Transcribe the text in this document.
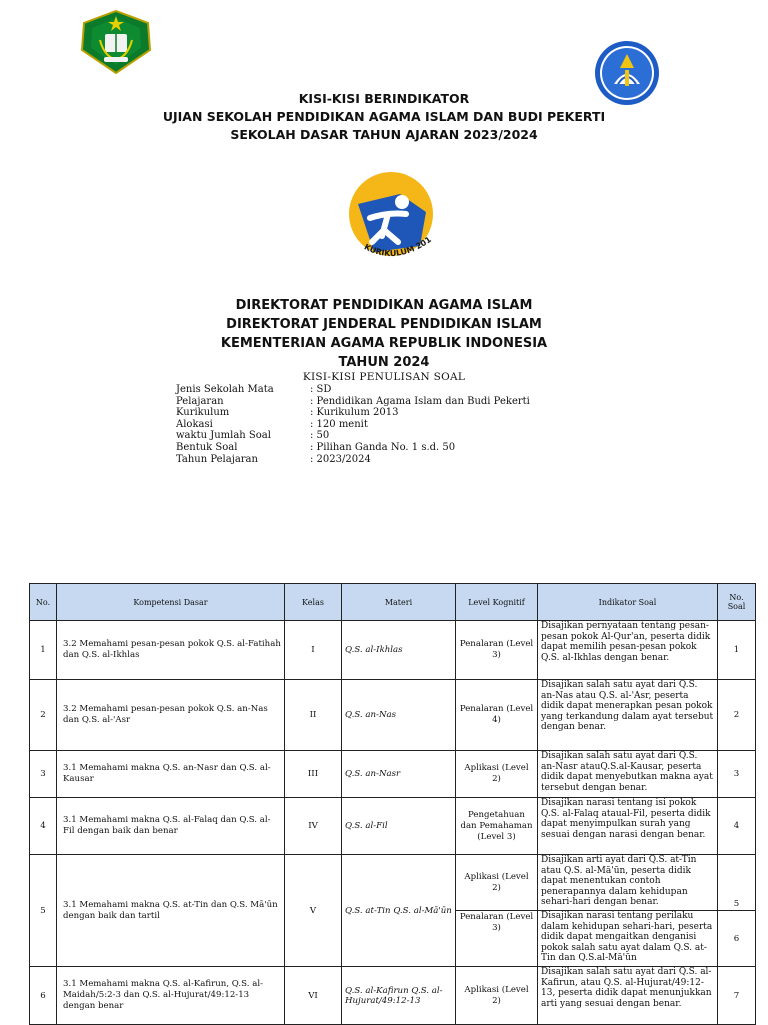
KISI-KISI BERINDIKATOR
UJIAN SEKOLAH PENDIDIKAN AGAMA ISLAM DAN BUDI PEKERTI
SEKOLAH DASAR TAHUN AJARAN 2023/2024
KURIKULUM 201
DIREKTORAT PENDIDIKAN AGAMA ISLAM
DIREKTORAT JENDERAL PENDIDIKAN ISLAM
KEMENTERIAN AGAMA REPUBLIK INDONESIA
TAHUN 2024
KISI-KISI PENULISAN SOAL
Jenis Sekolah Mata	: SD
Pelajaran	: Pendidikan Agama Islam dan Budi Pekerti
Kurikulum	: Kurikulum 2013
Alokasi	: 120 menit
waktu Jumlah Soal	: 50
Bentuk Soal	: Pilihan Ganda No. 1 s.d. 50
Tahun Pelajaran	: 2023/2024
No.	Kompetensi Dasar	Kelas	Materi	Level Kognitif	Indikator Soal	No. Soal
1	3.2 Memahami pesan-pesan pokok Q.S. al-Fatihah dan Q.S. al-Ikhlas	I	Q.S. al-Ikhlas	Penalaran (Level 3)	Disajikan pernyataan tentang pesan-pesan pokok Al-Qur'an, peserta didik dapat memilih pesan-pesan pokok Q.S. al-Ikhlas dengan benar.	1
2	3.2 Memahami pesan-pesan pokok Q.S. an-Nas dan Q.S. al-'Asr	II	Q.S. an-Nas	Penalaran (Level 4)	Disajikan salah satu ayat dari Q.S. an-Nas atau Q.S. al-'Asr, peserta didik dapat menerapkan pesan pokok yang terkandung dalam ayat tersebut dengan benar.	2
3	3.1 Memahami makna Q.S. an-Nasr dan Q.S. al-Kausar	III	Q.S. an-Nasr	Aplikasi (Level 2)	Disajikan salah satu ayat dari Q.S. an-Nasr atauQ.S.al-Kausar, peserta didik dapat menyebutkan makna ayat tersebut dengan benar.	3
4	3.1 Memahami makna Q.S. al-Falaq dan Q.S. al-Fil dengan baik dan benar	IV	Q.S. al-Fil	Pengetahuan dan Pemahaman (Level 3)	Disajikan narasi tentang isi pokok Q.S. al-Falaq ataual-Fil, peserta didik dapat menyimpulkan surah yang sesuai dengan narasi dengan benar.	4
5	3.1 Memahami makna Q.S. at-Tin dan Q.S. Mā'ūn dengan baik dan tartil	V	Q.S. at-Tin Q.S. al-Mā'ūn	Aplikasi (Level 2)	Disajikan arti ayat dari Q.S. at-Tin atau Q.S. al-Mā'ūn, peserta didik dapat menentukan contoh penerapannya dalam kehidupan sehari-hari dengan benar.	5
				Penalaran (Level 3)	Disajikan narasi tentang perilaku dalam kehidupan sehari-hari, peserta didik dapat mengaitkan denganisi pokok salah satu ayat dalam Q.S. at-Tin dan Q.S.al-Mā'ūn	6
6	3.1 Memahami makna Q.S. al-Kafirun, Q.S. al-Maidah/5:2-3 dan Q.S. al-Hujurat/49:12-13 dengan benar	VI	Q.S. al-Kafirun Q.S. al-Hujurat/49:12-13	Aplikasi (Level 2)	Disajikan salah satu ayat dari Q.S. al-Kafirun, atau Q.S. al-Hujurat/49:12-13, peserta didik dapat menunjukkan arti yang sesuai dengan benar.	7
